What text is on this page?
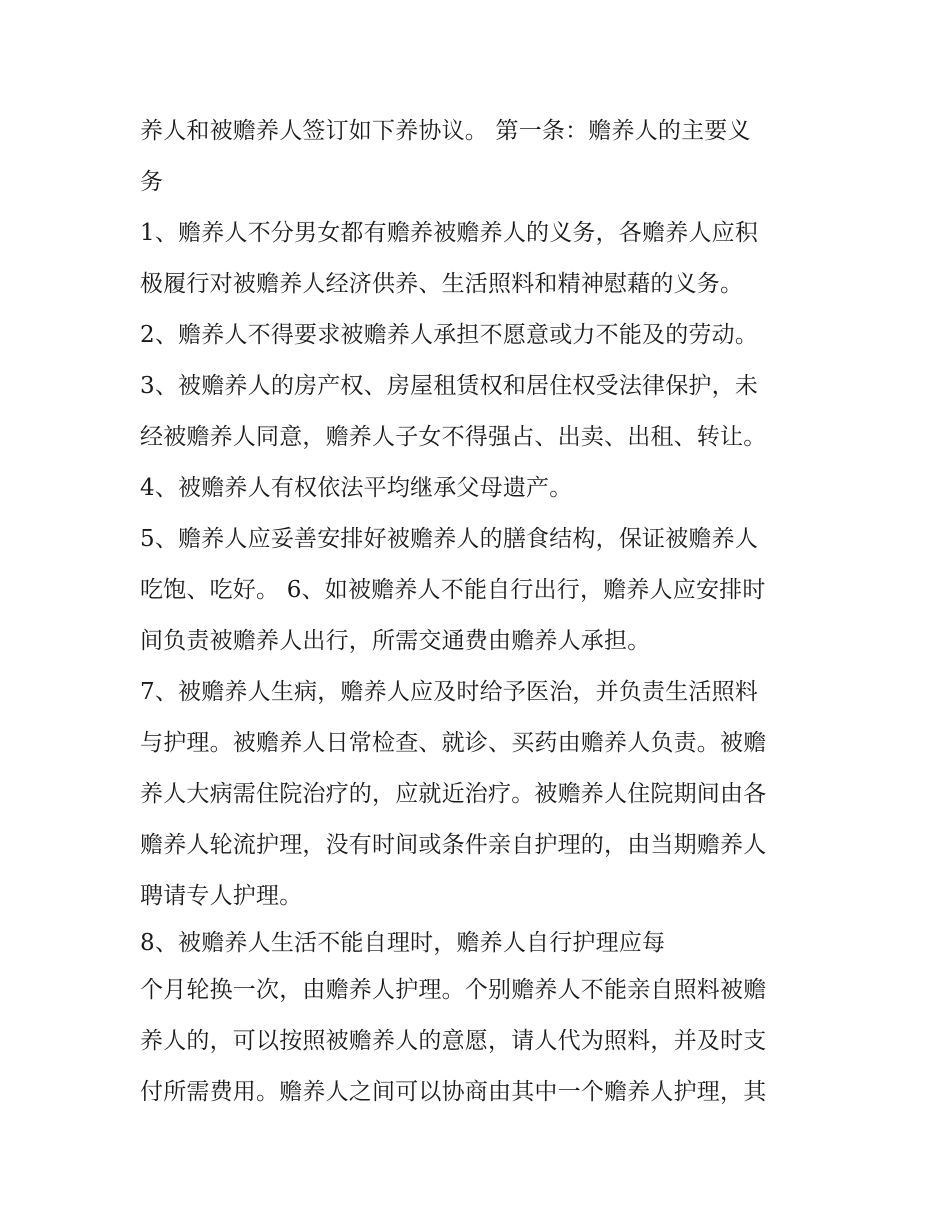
养人和被赡养人签订如下养协议。 第一条：赡养人的主要义
务
1、赡养人不分男女都有赡养被赡养人的义务，各赡养人应积
极履行对被赡养人经济供养、生活照料和精神慰藉的义务。
2、赡养人不得要求被赡养人承担不愿意或力不能及的劳动。
3、被赡养人的房产权、房屋租赁权和居住权受法律保护，未
经被赡养人同意，赡养人子女不得强占、出卖、出租、转让。
4、被赡养人有权依法平均继承父母遗产。
5、赡养人应妥善安排好被赡养人的膳食结构，保证被赡养人
吃饱、吃好。 6、如被赡养人不能自行出行，赡养人应安排时
间负责被赡养人出行，所需交通费由赡养人承担。
7、被赡养人生病，赡养人应及时给予医治，并负责生活照料
与护理。被赡养人日常检查、就诊、买药由赡养人负责。被赡
养人大病需住院治疗的，应就近治疗。被赡养人住院期间由各
赡养人轮流护理，没有时间或条件亲自护理的，由当期赡养人
聘请专人护理。
8、被赡养人生活不能自理时，赡养人自行护理应每
个月轮换一次，由赡养人护理。个别赡养人不能亲自照料被赡
养人的，可以按照被赡养人的意愿，请人代为照料，并及时支
付所需费用。赡养人之间可以协商由其中一个赡养人护理，其
